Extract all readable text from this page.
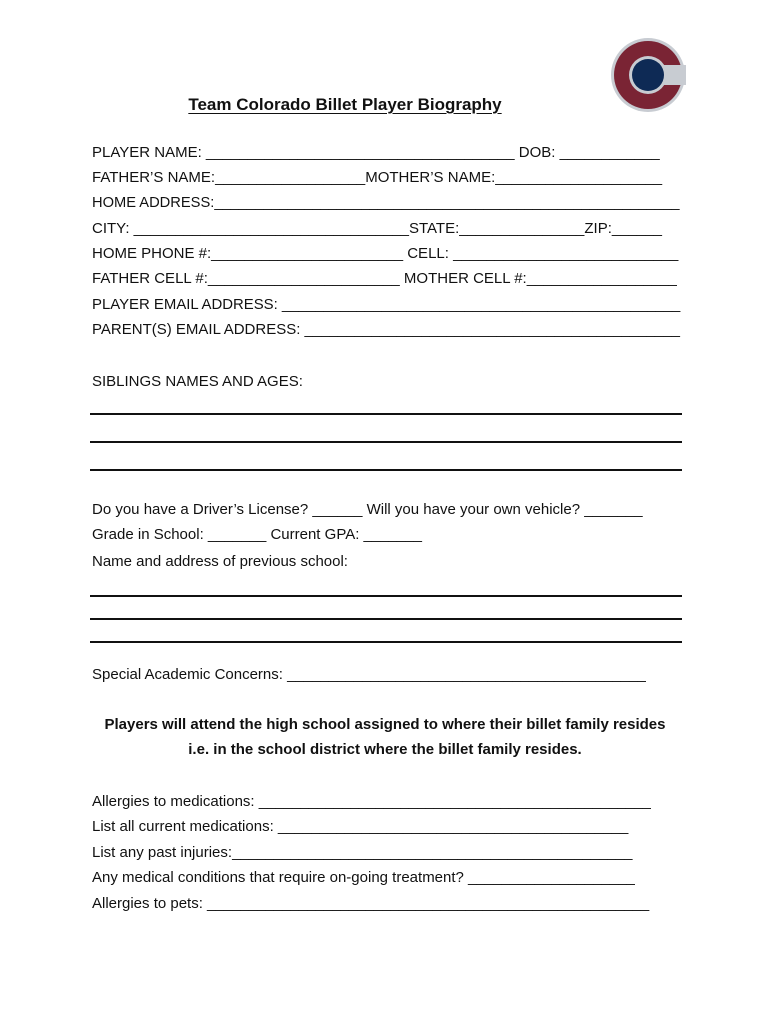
Team Colorado Billet Player Biography
PLAYER NAME: _____________________________________ DOB: ____________
FATHER’S NAME:__________________MOTHER’S NAME:____________________
HOME ADDRESS:_________________________________________________________
CITY: _________________________________STATE:_______________ZIP:______
HOME PHONE #:_______________________ CELL: ___________________________
FATHER CELL #:_______________________ MOTHER CELL #:__________________
PLAYER EMAIL ADDRESS: ________________________________________________
PARENT(S) EMAIL ADDRESS: _____________________________________________
SIBLINGS NAMES AND AGES:
Do you have a Driver’s License? ______ Will you have your own vehicle? _______
Grade in School: _______ Current GPA: _______
Name and address of previous school:
Special Academic Concerns: ___________________________________________
Players will attend the high school assigned to where their billet family resides
i.e. in the school district where the billet family resides.
Allergies to medications: _______________________________________________
List all current medications: __________________________________________
List any past injuries:________________________________________________
Any medical conditions that require on-going treatment? ____________________
Allergies to pets: _____________________________________________________
